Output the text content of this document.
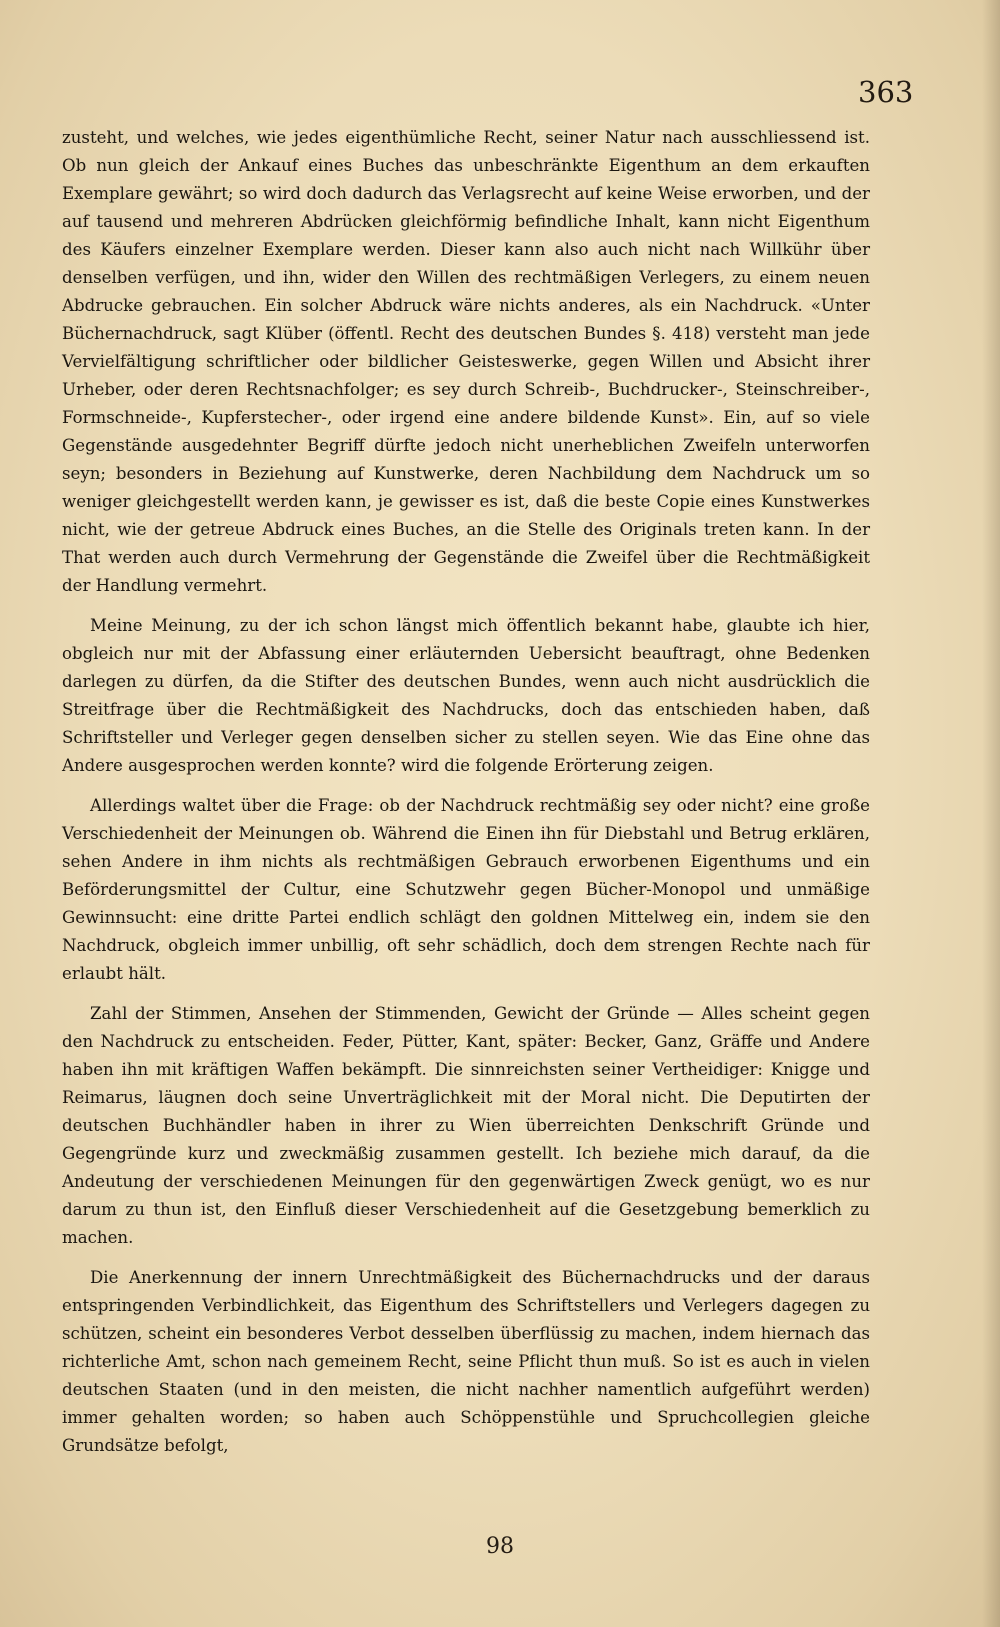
363

zusteht, und welches, wie jedes eigenthümliche Recht, seiner Natur nach ausschliessend ist. Ob nun gleich der Ankauf eines Buches das unbeschränkte Eigenthum an dem erkauften Exemplare gewährt; so wird doch dadurch das Verlagsrecht auf keine Weise erworben, und der auf tausend und mehreren Abdrücken gleichförmig befindliche Inhalt, kann nicht Eigenthum des Käufers einzelner Exemplare werden. Dieser kann also auch nicht nach Willkühr über denselben verfügen, und ihn, wider den Willen des rechtmäßigen Verlegers, zu einem neuen Abdrucke gebrauchen. Ein solcher Abdruck wäre nichts anderes, als ein Nachdruck. «Unter Büchernachdruck, sagt Klüber (öffentl. Recht des deutschen Bundes §. 418) versteht man jede Vervielfältigung schriftlicher oder bildlicher Geisteswerke, gegen Willen und Absicht ihrer Urheber, oder deren Rechtsnachfolger; es sey durch Schreib-, Buchdrucker-, Steinschreiber-, Formschneide-, Kupferstecher-, oder irgend eine andere bildende Kunst». Ein, auf so viele Gegenstände ausgedehnter Begriff dürfte jedoch nicht unerheblichen Zweifeln unterworfen seyn; besonders in Beziehung auf Kunstwerke, deren Nachbildung dem Nachdruck um so weniger gleichgestellt werden kann, je gewisser es ist, daß die beste Copie eines Kunstwerkes nicht, wie der getreue Abdruck eines Buches, an die Stelle des Originals treten kann. In der That werden auch durch Vermehrung der Gegenstände die Zweifel über die Rechtmäßigkeit der Handlung vermehrt.

Meine Meinung, zu der ich schon längst mich öffentlich bekannt habe, glaubte ich hier, obgleich nur mit der Abfassung einer erläuternden Uebersicht beauftragt, ohne Bedenken darlegen zu dürfen, da die Stifter des deutschen Bundes, wenn auch nicht ausdrücklich die Streitfrage über die Rechtmäßigkeit des Nachdrucks, doch das entschieden haben, daß Schriftsteller und Verleger gegen denselben sicher zu stellen seyen. Wie das Eine ohne das Andere ausgesprochen werden konnte? wird die folgende Erörterung zeigen.

Allerdings waltet über die Frage: ob der Nachdruck rechtmäßig sey oder nicht? eine große Verschiedenheit der Meinungen ob. Während die Einen ihn für Diebstahl und Betrug erklären, sehen Andere in ihm nichts als rechtmäßigen Gebrauch erworbenen Eigenthums und ein Beförderungsmittel der Cultur, eine Schutzwehr gegen Bücher-Monopol und unmäßige Gewinnsucht: eine dritte Partei endlich schlägt den goldnen Mittelweg ein, indem sie den Nachdruck, obgleich immer unbillig, oft sehr schädlich, doch dem strengen Rechte nach für erlaubt hält.

Zahl der Stimmen, Ansehen der Stimmenden, Gewicht der Gründe — Alles scheint gegen den Nachdruck zu entscheiden. Feder, Pütter, Kant, später: Becker, Ganz, Gräffe und Andere haben ihn mit kräftigen Waffen bekämpft. Die sinnreichsten seiner Vertheidiger: Knigge und Reimarus, läugnen doch seine Unverträglichkeit mit der Moral nicht. Die Deputirten der deutschen Buchhändler haben in ihrer zu Wien überreichten Denkschrift Gründe und Gegengründe kurz und zweckmäßig zusammen gestellt. Ich beziehe mich darauf, da die Andeutung der verschiedenen Meinungen für den gegenwärtigen Zweck genügt, wo es nur darum zu thun ist, den Einfluß dieser Verschiedenheit auf die Gesetzgebung bemerklich zu machen.

Die Anerkennung der innern Unrechtmäßigkeit des Büchernachdrucks und der daraus entspringenden Verbindlichkeit, das Eigenthum des Schriftstellers und Verlegers dagegen zu schützen, scheint ein besonderes Verbot desselben überflüssig zu machen, indem hiernach das richterliche Amt, schon nach gemeinem Recht, seine Pflicht thun muß. So ist es auch in vielen deutschen Staaten (und in den meisten, die nicht nachher namentlich aufgeführt werden) immer gehalten worden; so haben auch Schöppenstühle und Spruchcollegien gleiche Grundsätze befolgt,

98
